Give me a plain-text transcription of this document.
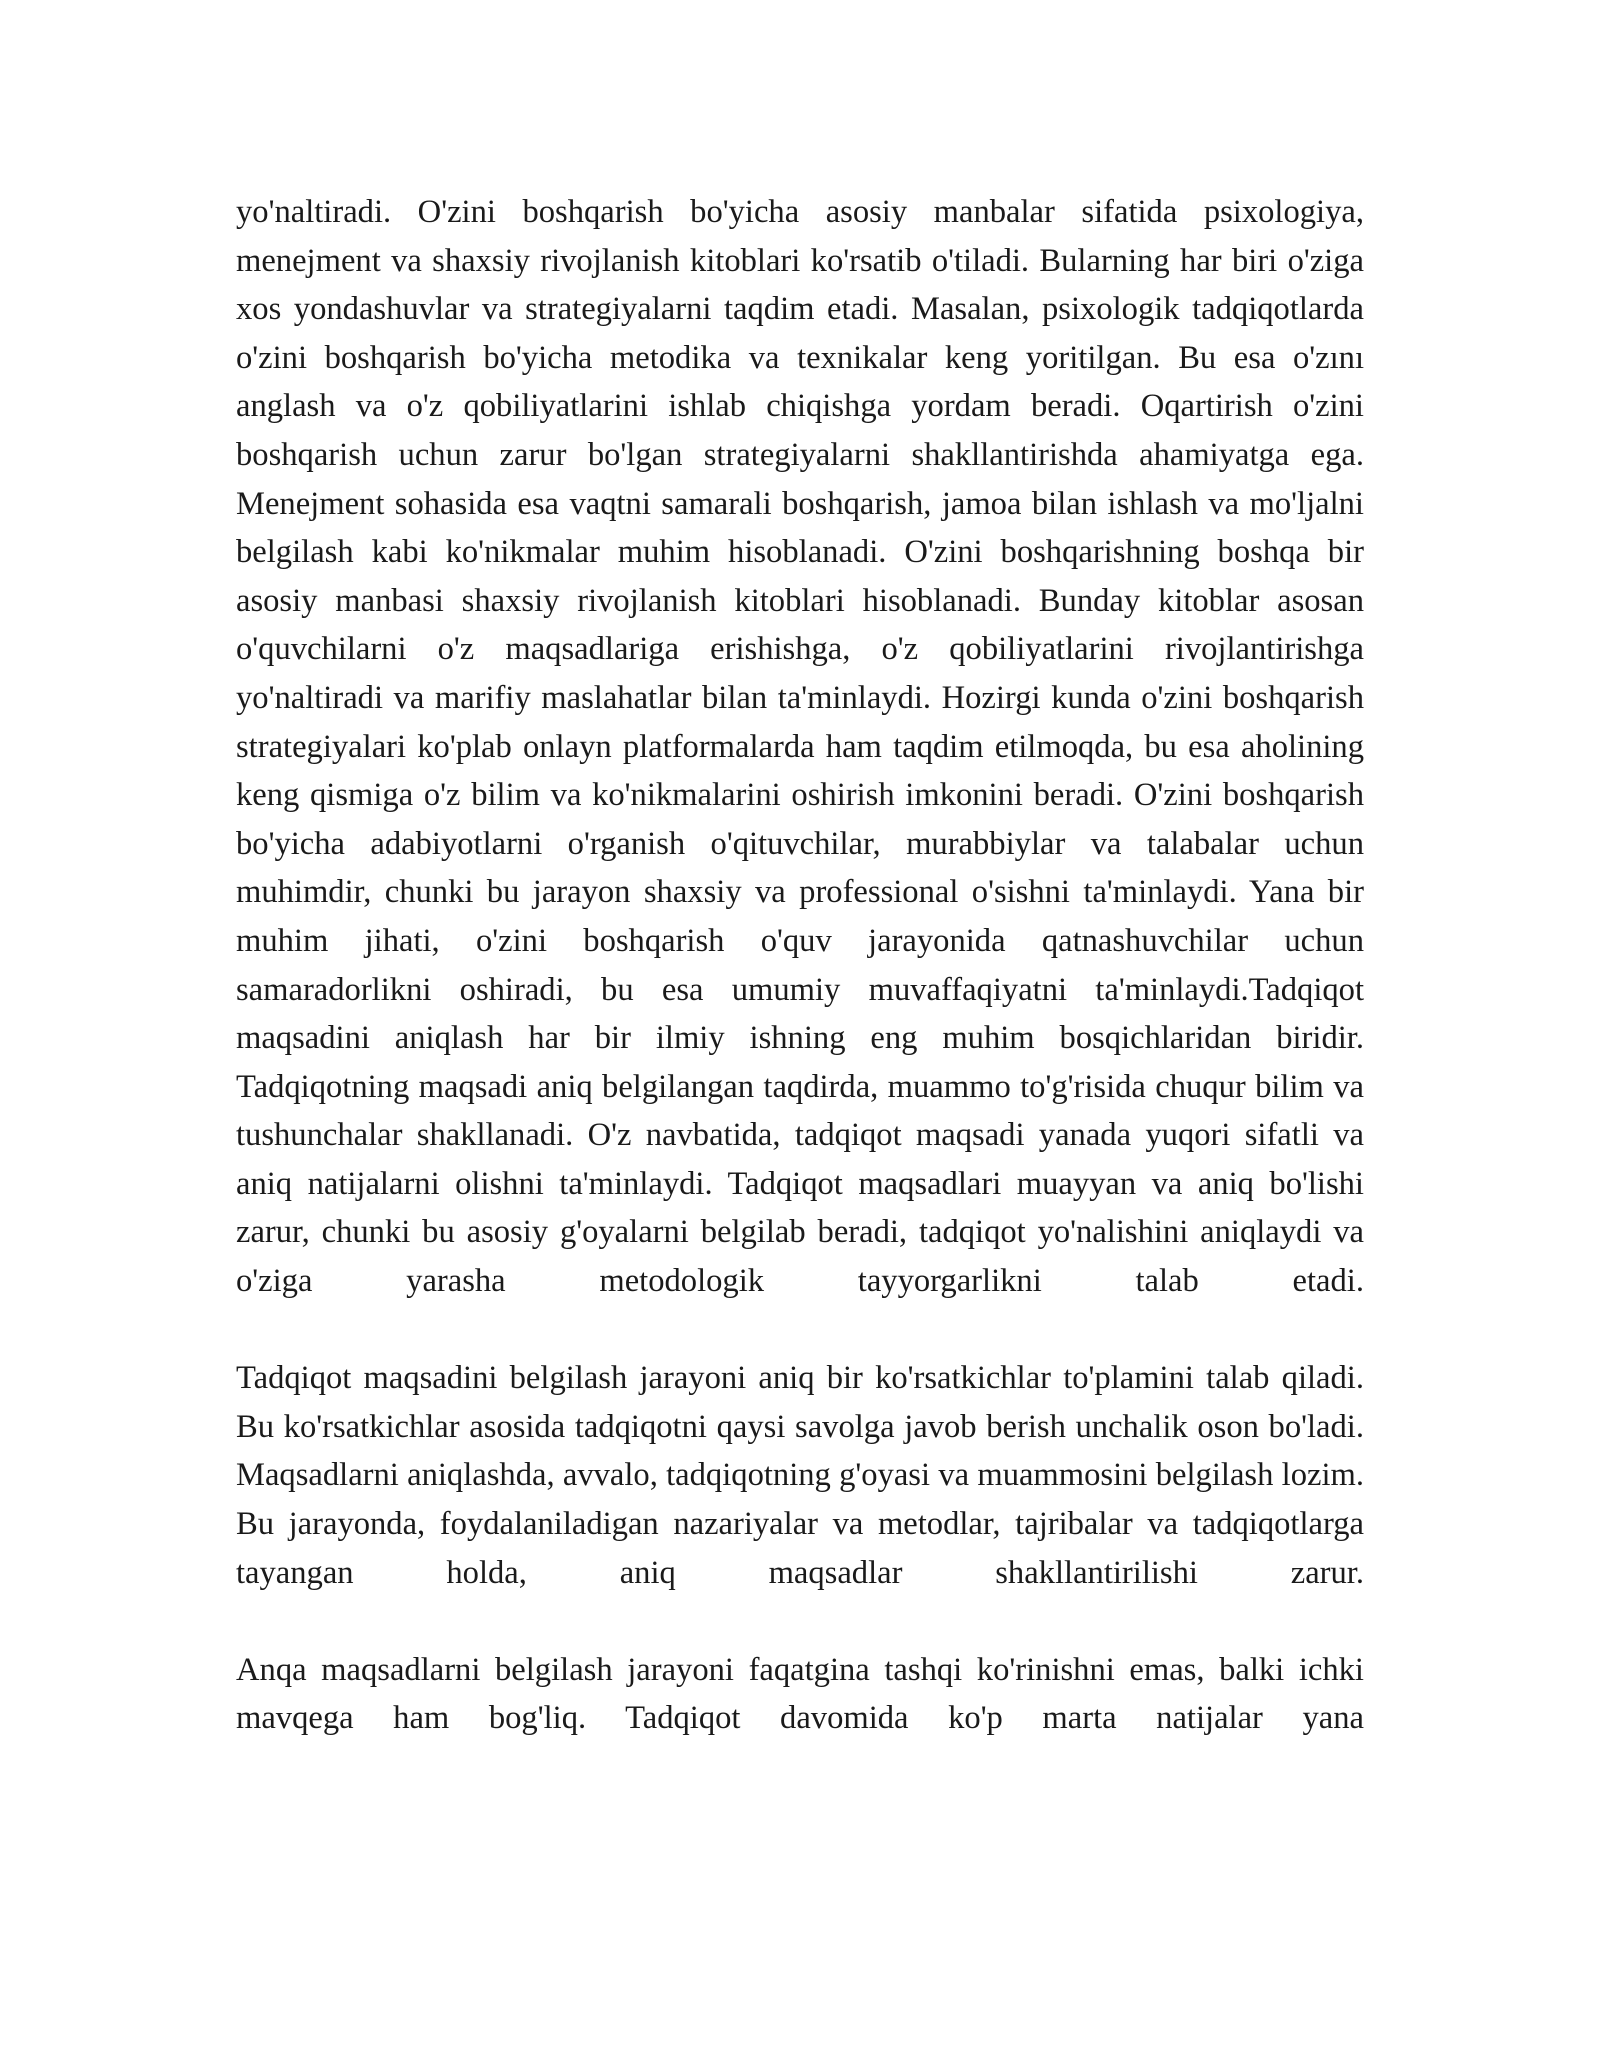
yo'naltiradi. O'zini boshqarish bo'yicha asosiy manbalar sifatida psixologiya, menejment va shaxsiy rivojlanish kitoblari ko'rsatib o'tiladi. Bularning har biri o'ziga xos yondashuvlar va strategiyalarni taqdim etadi. Masalan, psixologik tadqiqotlarda o'zini boshqarish bo'yicha metodika va texnikalar keng yoritilgan. Bu esa o'zını anglash va o'z qobiliyatlarini ishlab chiqishga yordam beradi. Oqartirish o'zini boshqarish uchun zarur bo'lgan strategiyalarni shakllantirishda ahamiyatga ega. Menejment sohasida esa vaqtni samarali boshqarish, jamoa bilan ishlash va mo'ljalni belgilash kabi ko'nikmalar muhim hisoblanadi. O'zini boshqarishning boshqa bir asosiy manbasi shaxsiy rivojlanish kitoblari hisoblanadi. Bunday kitoblar asosan o'quvchilarni o'z maqsadlariga erishishga, o'z qobiliyatlarini rivojlantirishga yo'naltiradi va marifiy maslahatlar bilan ta'minlaydi. Hozirgi kunda o'zini boshqarish strategiyalari ko'plab onlayn platformalarda ham taqdim etilmoqda, bu esa aholining keng qismiga o'z bilim va ko'nikmalarini oshirish imkonini beradi. O'zini boshqarish bo'yicha adabiyotlarni o'rganish o'qituvchilar, murabbiylar va talabalar uchun muhimdir, chunki bu jarayon shaxsiy va professional o'sishni ta'minlaydi. Yana bir muhim jihati, o'zini boshqarish o'quv jarayonida qatnashuvchilar uchun samaradorlikni oshiradi, bu esa umumiy muvaffaqiyatni ta'minlaydi.Tadqiqot maqsadini aniqlash har bir ilmiy ishning eng muhim bosqichlaridan biridir. Tadqiqotning maqsadi aniq belgilangan taqdirda, muammo to'g'risida chuqur bilim va tushunchalar shakllanadi. O'z navbatida, tadqiqot maqsadi yanada yuqori sifatli va aniq natijalarni olishni ta'minlaydi. Tadqiqot maqsadlari muayyan va aniq bo'lishi zarur, chunki bu asosiy g'oyalarni belgilab beradi, tadqiqot yo'nalishini aniqlaydi va o'ziga yarasha metodologik tayyorgarlikni talab etadi.

Tadqiqot maqsadini belgilash jarayoni aniq bir ko'rsatkichlar to'plamini talab qiladi. Bu ko'rsatkichlar asosida tadqiqotni qaysi savolga javob berish unchalik oson bo'ladi. Maqsadlarni aniqlashda, avvalo, tadqiqotning g'oyasi va muammosini belgilash lozim. Bu jarayonda, foydalaniladigan nazariyalar va metodlar, tajribalar va tadqiqotlarga tayangan holda, aniq maqsadlar shakllantirilishi zarur.

Anqa maqsadlarni belgilash jarayoni faqatgina tashqi ko'rinishni emas, balki ichki mavqega ham bog'liq. Tadqiqot davomida ko'p marta natijalar yana
